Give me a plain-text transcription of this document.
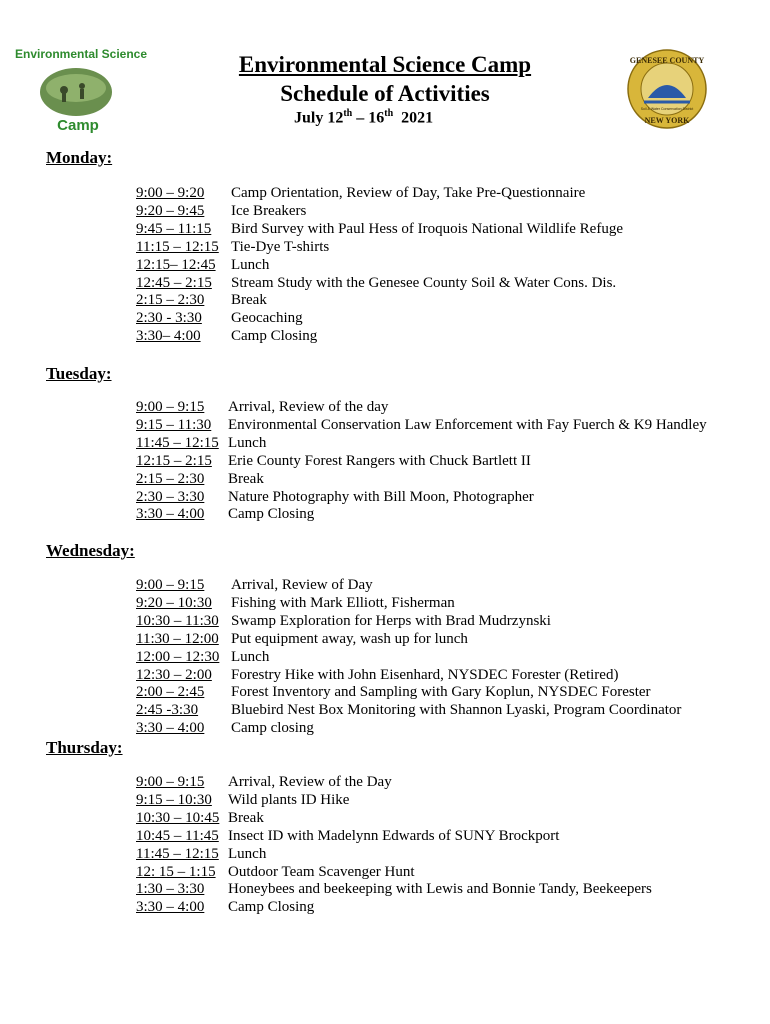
Environmental Science
Camp
GENESEE COUNTY
NEW YORK
Soil & Water Conservation District
Environmental Science Camp
Schedule of Activities
July 12th – 16th  2021
Monday:
9:00 – 9:20 Camp Orientation, Review of Day, Take Pre-Questionnaire
9:20 – 9:45 Ice Breakers
9:45 – 11:15 Bird Survey with Paul Hess of Iroquois National Wildlife Refuge
11:15 – 12:15 Tie-Dye T-shirts
12:15– 12:45 Lunch
12:45 – 2:15 Stream Study with the Genesee County Soil & Water Cons. Dis.
2:15 – 2:30 Break
2:30 - 3:30 Geocaching
3:30– 4:00 Camp Closing
Tuesday:
9:00 – 9:15 Arrival, Review of the day
9:15 – 11:30 Environmental Conservation Law Enforcement with Fay Fuerch & K9 Handley
11:45 – 12:15 Lunch
12:15 – 2:15 Erie County Forest Rangers with Chuck Bartlett II
2:15 – 2:30 Break
2:30 – 3:30 Nature Photography with Bill Moon, Photographer
3:30 – 4:00 Camp Closing
Wednesday:
9:00 – 9:15 Arrival, Review of Day
9:20 – 10:30 Fishing with Mark Elliott, Fisherman
10:30 – 11:30 Swamp Exploration for Herps with Brad Mudrzynski
11:30 – 12:00 Put equipment away, wash up for lunch
12:00 – 12:30 Lunch
12:30 – 2:00 Forestry Hike with John Eisenhard, NYSDEC Forester (Retired)
2:00 – 2:45 Forest Inventory and Sampling with Gary Koplun, NYSDEC Forester
2:45 -3:30 Bluebird Nest Box Monitoring with Shannon Lyaski, Program Coordinator
3:30 – 4:00 Camp closing
Thursday:
9:00 – 9:15 Arrival, Review of the Day
9:15 – 10:30 Wild plants ID Hike
10:30 – 10:45 Break
10:45 – 11:45 Insect ID with Madelynn Edwards of SUNY Brockport
11:45 – 12:15 Lunch
12: 15 – 1:15 Outdoor Team Scavenger Hunt
1:30 – 3:30 Honeybees and beekeeping with Lewis and Bonnie Tandy, Beekeepers
3:30 – 4:00 Camp Closing
